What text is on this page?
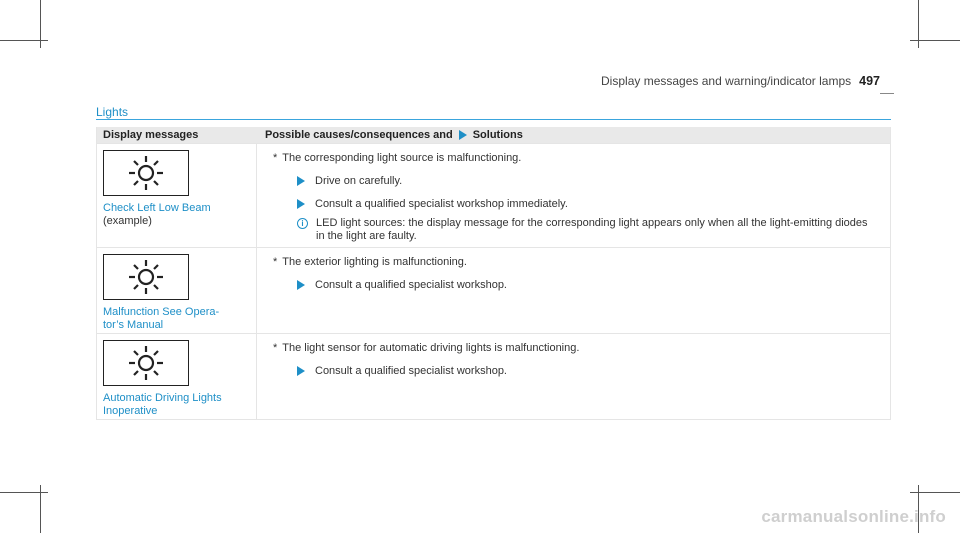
Display messages and warning/indicator lamps 497
Lights
Display messages	Possible causes/consequences and Solutions
Check Left Low Beam (example)
* The corresponding light source is malfunctioning.
Drive on carefully.
Consult a qualified specialist workshop immediately.
i	LED light sources: the display message for the corresponding light appears only when all the light-emitting diodes in the light are faulty.
Malfunction See Opera-tor’s Manual
* The exterior lighting is malfunctioning.
Consult a qualified specialist workshop.
Automatic Driving Lights Inoperative
* The light sensor for automatic driving lights is malfunctioning.
Consult a qualified specialist workshop.
carmanualsonline.info
